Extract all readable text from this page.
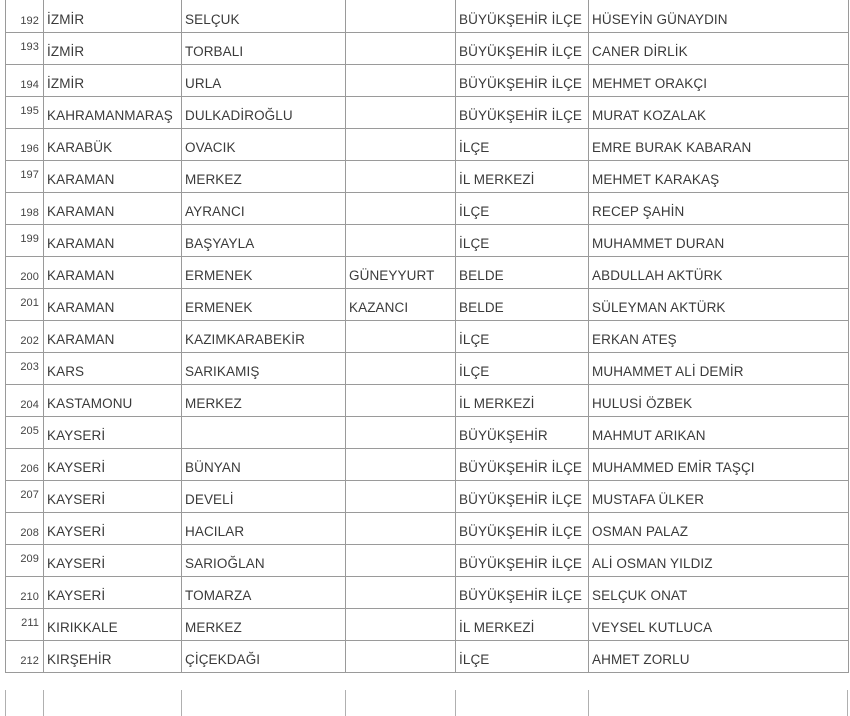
192	İZMİR	SELÇUK		BÜYÜKŞEHİR İLÇE	HÜSEYİN GÜNAYDIN
193	İZMİR	TORBALI		BÜYÜKŞEHİR İLÇE	CANER DİRLİK
194	İZMİR	URLA		BÜYÜKŞEHİR İLÇE	MEHMET ORAKÇI
195	KAHRAMANMARAŞ	DULKADİROĞLU		BÜYÜKŞEHİR İLÇE	MURAT KOZALAK
196	KARABÜK	OVACIK		İLÇE	EMRE BURAK KABARAN
197	KARAMAN	MERKEZ		İL MERKEZİ	MEHMET KARAKAŞ
198	KARAMAN	AYRANCI		İLÇE	RECEP ŞAHİN
199	KARAMAN	BAŞYAYLA		İLÇE	MUHAMMET DURAN
200	KARAMAN	ERMENEK	GÜNEYYURT	BELDE	ABDULLAH AKTÜRK
201	KARAMAN	ERMENEK	KAZANCI	BELDE	SÜLEYMAN AKTÜRK
202	KARAMAN	KAZIMKARABEKİR		İLÇE	ERKAN ATEŞ
203	KARS	SARIKAMIŞ		İLÇE	MUHAMMET ALİ DEMİR
204	KASTAMONU	MERKEZ		İL MERKEZİ	HULUSİ ÖZBEK
205	KAYSERİ			BÜYÜKŞEHİR	MAHMUT ARIKAN
206	KAYSERİ	BÜNYAN		BÜYÜKŞEHİR İLÇE	MUHAMMED EMİR TAŞÇI
207	KAYSERİ	DEVELİ		BÜYÜKŞEHİR İLÇE	MUSTAFA ÜLKER
208	KAYSERİ	HACILAR		BÜYÜKŞEHİR İLÇE	OSMAN PALAZ
209	KAYSERİ	SARIOĞLAN		BÜYÜKŞEHİR İLÇE	ALİ OSMAN YILDIZ
210	KAYSERİ	TOMARZA		BÜYÜKŞEHİR İLÇE	SELÇUK ONAT
211	KIRIKKALE	MERKEZ		İL MERKEZİ	VEYSEL KUTLUCA
212	KIRŞEHİR	ÇİÇEKDAĞI		İLÇE	AHMET ZORLU
